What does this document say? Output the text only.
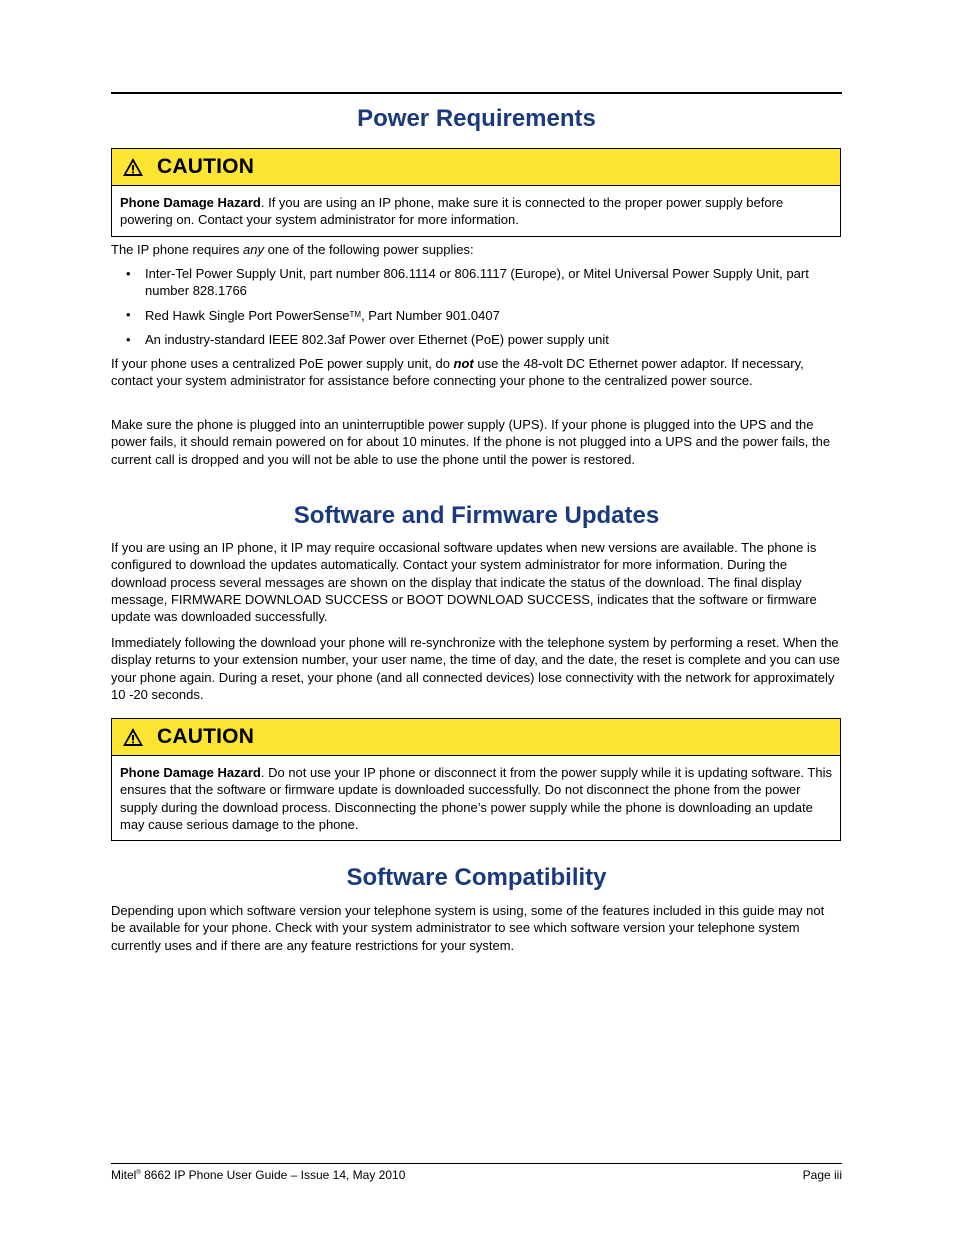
Power Requirements
CAUTION
Phone Damage Hazard. If you are using an IP phone, make sure it is connected to the proper power supply before powering on. Contact your system administrator for more information.

The IP phone requires any one of the following power supplies:

• Inter-Tel Power Supply Unit, part number 806.1114 or 806.1117 (Europe), or Mitel Universal Power Supply Unit, part number 828.1766
• Red Hawk Single Port PowerSense™, Part Number 901.0407
• An industry-standard IEEE 802.3af Power over Ethernet (PoE) power supply unit

If your phone uses a centralized PoE power supply unit, do not use the 48-volt DC Ethernet power adaptor. If necessary, contact your system administrator for assistance before connecting your phone to the centralized power source.

Make sure the phone is plugged into an uninterruptible power supply (UPS). If your phone is plugged into the UPS and the power fails, it should remain powered on for about 10 minutes. If the phone is not plugged into a UPS and the power fails, the current call is dropped and you will not be able to use the phone until the power is restored.

Software and Firmware Updates

If you are using an IP phone, it IP may require occasional software updates when new versions are available. The phone is configured to download the updates automatically. Contact your system administrator for more information. During the download process several messages are shown on the display that indicate the status of the download. The final display message, FIRMWARE DOWNLOAD SUCCESS or BOOT DOWNLOAD SUCCESS, indicates that the software or firmware update was downloaded successfully.

Immediately following the download your phone will re-synchronize with the telephone system by performing a reset. When the display returns to your extension number, your user name, the time of day, and the date, the reset is complete and you can use your phone again. During a reset, your phone (and all connected devices) lose connectivity with the network for approximately 10 -20 seconds.

CAUTION
Phone Damage Hazard. Do not use your IP phone or disconnect it from the power supply while it is updating software. This ensures that the software or firmware update is downloaded successfully. Do not disconnect the phone from the power supply during the download process. Disconnecting the phone’s power supply while the phone is downloading an update may cause serious damage to the phone.
Software Compatibility

Depending upon which software version your telephone system is using, some of the features included in this guide may not be available for your phone. Check with your system administrator to see which software version your telephone system currently uses and if there are any feature restrictions for your system.

Mitel® 8662 IP Phone User Guide – Issue 14, May 2010	Page iii
